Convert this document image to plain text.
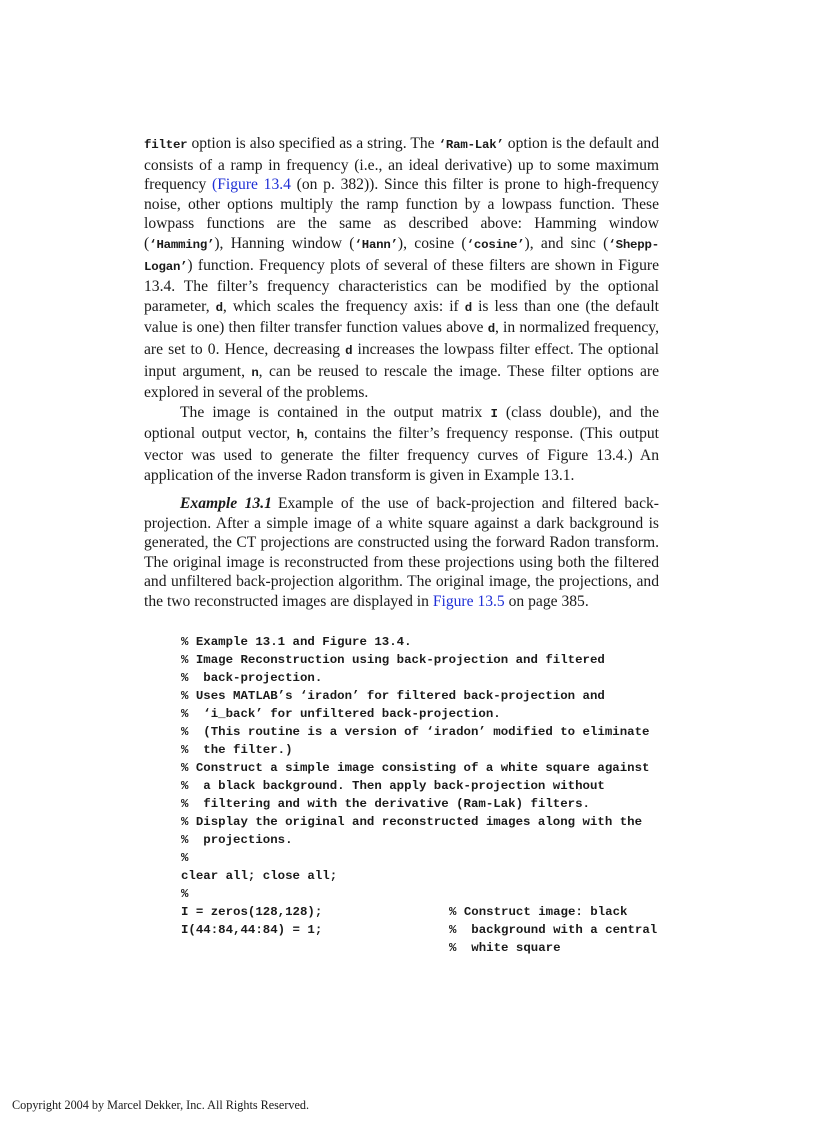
filter option is also specified as a string. The ‘Ram-Lak’ option is the default and consists of a ramp in frequency (i.e., an ideal derivative) up to some maximum frequency (Figure 13.4 (on p. 382)). Since this filter is prone to high-frequency noise, other options multiply the ramp function by a lowpass function. These lowpass functions are the same as described above: Hamming window (‘Hamming’), Hanning window (‘Hann’), cosine (‘cosine’), and sinc (‘Shepp-Logan’) function. Frequency plots of several of these filters are shown in Figure 13.4. The filter’s frequency characteristics can be modified by the optional parameter, d, which scales the frequency axis: if d is less than one (the default value is one) then filter transfer function values above d, in normalized frequency, are set to 0. Hence, decreasing d increases the lowpass filter effect. The optional input argument, n, can be reused to rescale the image. These filter options are explored in several of the problems.

The image is contained in the output matrix I (class double), and the optional output vector, h, contains the filter’s frequency response. (This output vector was used to generate the filter frequency curves of Figure 13.4.) An application of the inverse Radon transform is given in Example 13.1.

Example 13.1 Example of the use of back-projection and filtered back-projection. After a simple image of a white square against a dark background is generated, the CT projections are constructed using the forward Radon transform. The original image is reconstructed from these projections using both the filtered and unfiltered back-projection algorithm. The original image, the projections, and the two reconstructed images are displayed in Figure 13.5 on page 385.

% Example 13.1 and Figure 13.4.
% Image Reconstruction using back-projection and filtered
%  back-projection.
% Uses MATLAB’s ‘iradon’ for filtered back-projection and
%  ‘i_back’ for unfiltered back-projection.
%  (This routine is a version of ‘iradon’ modified to eliminate
%  the filter.)
% Construct a simple image consisting of a white square against
%  a black background. Then apply back-projection without
%  filtering and with the derivative (Ram-Lak) filters.
% Display the original and reconstructed images along with the
%  projections.
%
clear all; close all;
%
I = zeros(128,128);	% Construct image: black
I(44:84,44:84) = 1;	%  background with a central
%  white square
Copyright 2004 by Marcel Dekker, Inc. All Rights Reserved.
